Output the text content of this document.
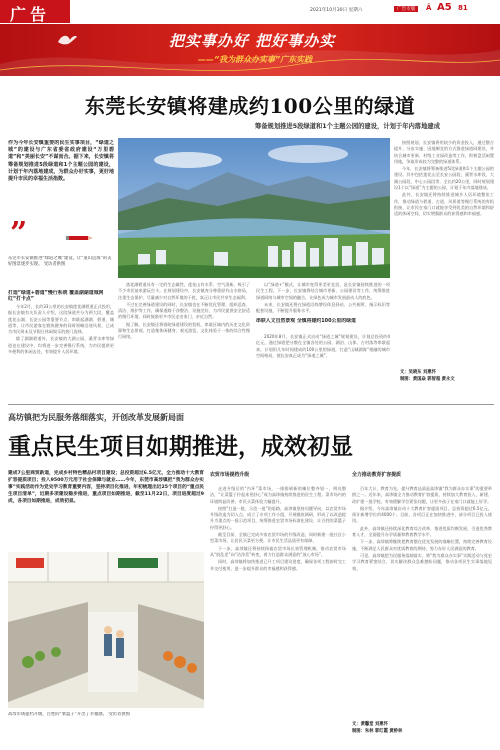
广告	2021年10月30日 星期六	广告专版	Ā A5 81
把实事办好 把好事办实
——“我为群众办实事”广东实践
东莞长安镇将建成约100公里的绿道
筹备规划推进5段绿道和1个主题公园的建设，计划于年内落地建成
作为今年长安镇重要的民生实事项目，“绿道之城”的建设与广东省委省政府建设“万里碧道”和“美丽长安”不谋而合。据下来，长安镇将筹备规划推进5段绿道和1个主题公园的建设，计划于年内落地建成，为群众办好实事，更好地提升市民的幸福生活指数。
”
东莞市长安镇推进“绿道之城”建设，让“道山远海”的美好图景逐步实现。 受访者供图
打造“绿道+碧道”慢行系统 覆盖湖湖道城网红“打卡点”

今年2月，长约33公里的长安镇莲花湖碧道正式投用，据长安镇有关负责人介绍，这段绿道共分为两大段，覆盖莲花山湖、长安公园等重要节点，串联起湖湖、碧道、城道等，让市民游客在锻炼健身的同时领略沿途风景，已成为市民周末及节假日休闲娱乐的热门选择。

除了湖湖碧道外，长安镇的大湖公园、溪背水库等绿道也在建设中，均将进一步完善慢行系统，为市民提供更多便利的休闲去处，有效提升人居环境。

落花湖碧道具有一定的生态属性，莲花山有水系、空气清新，吸引了不少市民前来游玩打卡。在规划建设中，长安镇充分尊重原有山水格局，注重生态保护，尽量减少对自然环境的干扰，真正让市民共享生态福利。

不过在完善绿道建设的同时，长安镇也在不断优化管理，组织巡查、清洁、维护等工作，确保道路干净整洁、设施完好，为市民提供安全舒适的慢行环境，同时鼓励更多市民走出家门、亲近自然。

据了解，长安镇还将借助绿道建设的契机，串联区域内的历史文化资源和生态景观，打造集休闲健身、观光游览、文化体验于一体的综合性慢行网络。

以“绿道+”模式，让城市变得更美更宜居，是长安镇持续推进的一项民生工程。下一步，长安镇将结合城市更新、公园建设等工作，统筹推进绿道网络与城市空间的融合，让绿色成为城市发展最动人的底色。

未来，长安镇还将在绿道沿线增设休息驿站、公共厕所、指示标识等配套设施，不断提升服务水平。

串联人文自然景观 全镇将建约100公里的绿道

2020年8月，长安镇正式启动“绿道之城”规划建设，计划总投资约4亿元，通过绿道把分散在全镇各处的公园、湖泊、山体、古村落等串联起来，计划用几年时间建成约100公里的绿道，打造“山城湖海”相融的城市空间格局，使长安真正成为“绿道之城”。

按照规划，长安镇将用较少的资金投入，通过整合提升、分步实施、因地制宜的方式推进绿道网建设，并结合城市更新、村级工业园改造等工作，积极盘活闲置用地，争取形成较为完整的绿道体系。

今年，长安镇将筹备推进5段绿道和1个主题公园的建设。其中包括莲花山至长安公园段、溪背水库段、大湖公园段、中心公园段等，全长约20公里，同时规划建设1个以“绿道”为主题的公园，计划于年内落地建成。

此外，长安镇还将持续推进城乡人居环境整治工作，推动绿道与碧道、古道、风景道等慢行系统的有机衔接，让市民在家门口就能享受到优美的自然环境和舒适的休闲空间，切实增强群众的获得感和幸福感。

文：吴晓东 刘惠怀
制图：黄国焱 郭智超 黄永文
高坊镇把为民服务落细落实，开创改革发展新局面
重点民生项目如期推进，成效初显
建成7公里商贸新道，完成乡村特色精品村项目建设；总投资超过6.5亿元，全力推动十大教育扩容提质项目；投入9500万元用于社会保障与就业……今年，东莞市高埗镇把“我为群众办实事”实践活动作为党史学习教育重要内容，坚持项目化推进，年初梳理出近25个项目的“重点民生项目清单”，近期多项建设稳步推进，重点项目如期推进，截至11月22日，项目进度超过9成，各项目如期推进，成效初显。
高埗市场提档升级，百姓的“菜篮子”升出了幸福感。 受访者供图
农贸市场提档升级

走进升级后的“内环”菜市场，一排排崭新的摊位整齐划一、明亮整洁，“让菜篮子拎起来更舒心”成为高埗镇持续推进的民生工程。菜市场内的环境明显改善，市民买菜体验大幅提升。

按照“打造一批、示范一批”的思路，高埗镇坚持问题导向，以农贸市场升级改造为切入点，成立了专项工作小组，开展摸底调研，形成了以改造提升为重点的一批示范项目，统筹推进农贸市场标准化建设，让百姓的菜篮子拎得更舒心。

截至目前，全镇已完成多家农贸市场的升级改造，同时新建一批社区小型菜市场，让居民买菜更方便，让市民生活品质更有保障。

下一步，高埗镇还将持续探索农贸市场长效管理机制，推动农贸市场从“脏乱差”向“洁净美”转变，着力打造群众满意的“放心市场”。

同时，高埗镇将加快推进已开工项目建设进度，确保各项工程按时完工并交付使用，进一步提升群众的幸福感和获得感。

全力推动教育扩容提质

百年大计，教育为先。提升教育品质是高埗镇“我为群众办实事”的重要举措之一。近年来，高埗镇全力推动教育扩容提质，持续加大教育投入，新建、改扩建一批学校，有效缓解学位紧张问题，让更多孩子在家门口就能上好学。

据介绍，今年高埗镇启动十大教育扩容提质项目，总投资超过6.5亿元，预计新增学位约4000个。目前，各项目正在加快推进中，部分项目已投入使用。

此外，高埗镇还持续深化教育综合改革，推进优质均衡发展，引进优秀教育人才，全面提升办学质量和教育教学水平。

下一步，高埗镇将继续把教育摆在优先发展的战略位置，持续完善教育设施，不断满足人民群众对优质教育的期待，努力办好人民满意的教育。

可见，高埗镇把为民服务落细落实，将“我为群众办实事”实践活动与党史学习教育紧密结合，切实解决群众急难愁盼问题，推动各项民生实事落地见效。

文：黄馨堂 刘惠怀
制图：朱林 郭红霞 黄桥林
